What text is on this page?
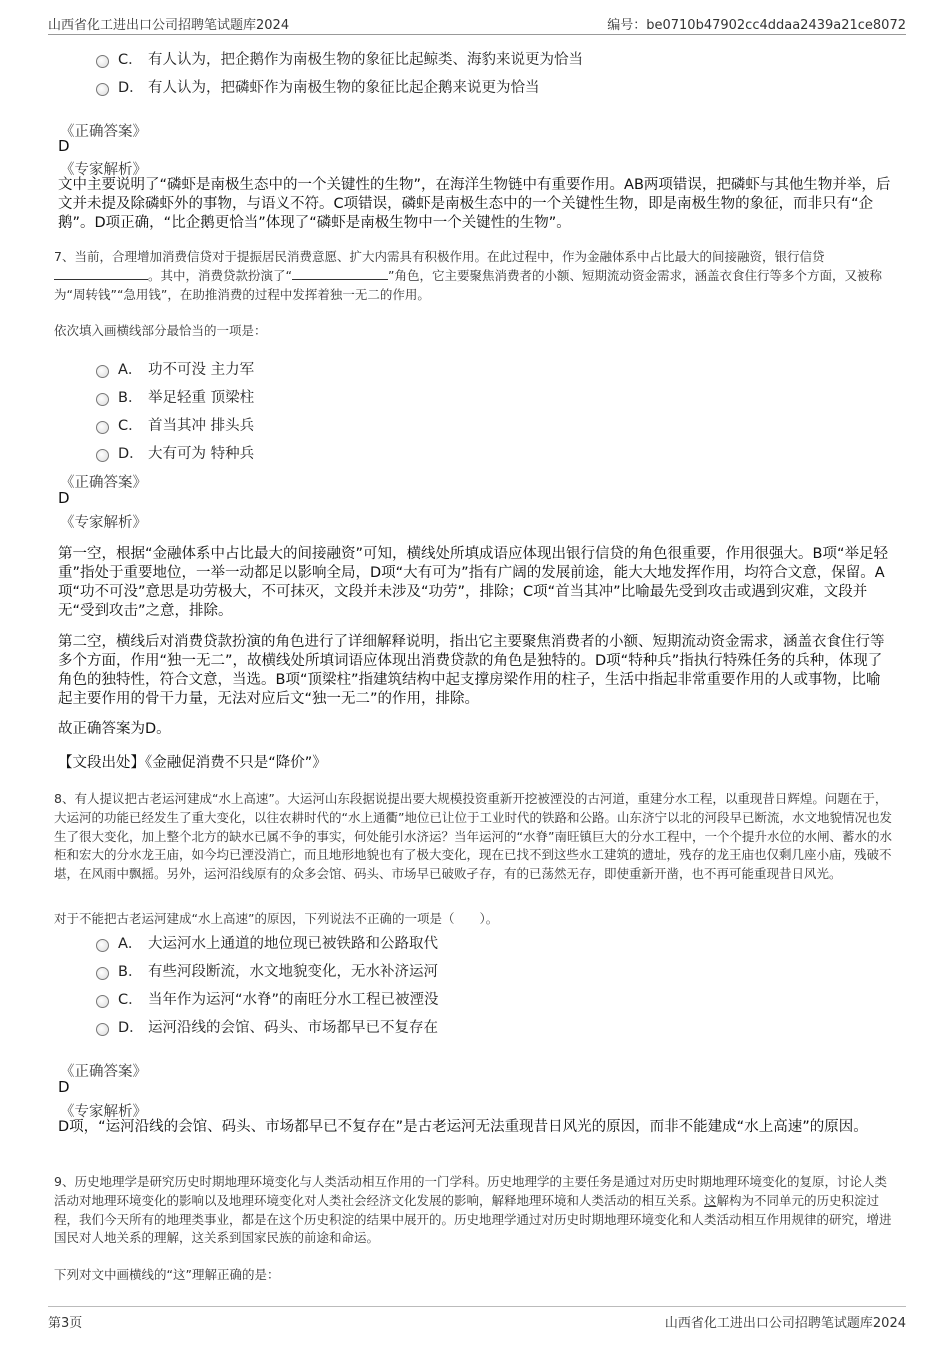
山西省化工进出口公司招聘笔试题库2024	编号：be0710b47902cc4ddaa2439a21ce8072
C． 有人认为，把企鹅作为南极生物的象征比起鲸类、海豹来说更为恰当
D． 有人认为，把磷虾作为南极生物的象征比起企鹅来说更为恰当
《正确答案》
D
《专家解析》
文中主要说明了“磷虾是南极生态中的一个关键性的生物”，在海洋生物链中有重要作用。AB两项错误，把磷虾与其他生物并举，后文并未提及除磷虾外的事物，与语义不符。C项错误，磷虾是南极生态中的一个关键性生物，即是南极生物的象征，而非只有“企鹅”。D项正确，“比企鹅更恰当”体现了“磷虾是南极生物中一个关键性的生物”。
7、当前，合理增加消费信贷对于提振居民消费意愿、扩大内需具有积极作用。在此过程中，作为金融体系中占比最大的间接融资，银行信贷。其中，消费贷款扮演了“	”角色，它主要聚焦消费者的小额、短期流动资金需求，涵盖衣食住行等多个方面，又被称为“周转钱”“急用钱”，在助推消费的过程中发挥着独一无二的作用。
依次填入画横线部分最恰当的一项是：
A． 功不可没 主力军
B． 举足轻重 顶梁柱
C． 首当其冲 排头兵
D． 大有可为 特种兵
《正确答案》
D
《专家解析》
第一空，根据“金融体系中占比最大的间接融资”可知，横线处所填成语应体现出银行信贷的角色很重要，作用很强大。B项“举足轻重”指处于重要地位，一举一动都足以影响全局，D项“大有可为”指有广阔的发展前途，能大大地发挥作用，均符合文意，保留。A项“功不可没”意思是功劳极大，不可抹灭，文段并未涉及“功劳”，排除；C项“首当其冲”比喻最先受到攻击或遇到灾难，文段并无“受到攻击”之意，排除。
第二空，横线后对消费贷款扮演的角色进行了详细解释说明，指出它主要聚焦消费者的小额、短期流动资金需求，涵盖衣食住行等多个方面，作用“独一无二”，故横线处所填词语应体现出消费贷款的角色是独特的。D项“特种兵”指执行特殊任务的兵种，体现了角色的独特性，符合文意，当选。B项“顶梁柱”指建筑结构中起支撑房梁作用的柱子，生活中指起非常重要作用的人或事物，比喻起主要作用的骨干力量，无法对应后文“独一无二”的作用，排除。
故正确答案为D。
【文段出处】《金融促消费不只是“降价”》
8、有人提议把古老运河建成“水上高速”。大运河山东段据说提出要大规模投资重新开挖被湮没的古河道，重建分水工程，以重现昔日辉煌。问题在于，大运河的功能已经发生了重大变化，以往农耕时代的“水上通衢”地位已让位于工业时代的铁路和公路。山东济宁以北的河段早已断流，水文地貌情况也发生了很大变化，加上整个北方的缺水已属不争的事实，何处能引水济运？当年运河的“水脊”南旺镇巨大的分水工程中，一个个提升水位的水闸、蓄水的水柜和宏大的分水龙王庙，如今均已湮没消亡，而且地形地貌也有了极大变化，现在已找不到这些水工建筑的遗址，残存的龙王庙也仅剩几座小庙，残破不堪，在风雨中飘摇。另外，运河沿线原有的众多会馆、码头、市场早已破败孑存，有的已荡然无存，即使重新开凿，也不再可能重现昔日风光。
对于不能把古老运河建成“水上高速”的原因，下列说法不正确的一项是（　　）。
A． 大运河水上通道的地位现已被铁路和公路取代
B． 有些河段断流，水文地貌变化，无水补济运河
C． 当年作为运河“水脊”的南旺分水工程已被湮没
D． 运河沿线的会馆、码头、市场都早已不复存在
《正确答案》
D
《专家解析》
D项，“运河沿线的会馆、码头、市场都早已不复存在”是古老运河无法重现昔日风光的原因，而非不能建成“水上高速”的原因。
9、历史地理学是研究历史时期地理环境变化与人类活动相互作用的一门学科。历史地理学的主要任务是通过对历史时期地理环境变化的复原，讨论人类活动对地理环境变化的影响以及地理环境变化对人类社会经济文化发展的影响，解释地理环境和人类活动的相互关系。这解构为不同单元的历史积淀过程，我们今天所有的地理类事业，都是在这个历史积淀的结果中展开的。历史地理学通过对历史时期地理环境变化和人类活动相互作用规律的研究，增进国民对人地关系的理解，这关系到国家民族的前途和命运。
下列对文中画横线的“这”理解正确的是：
第3页	山西省化工进出口公司招聘笔试题库2024
